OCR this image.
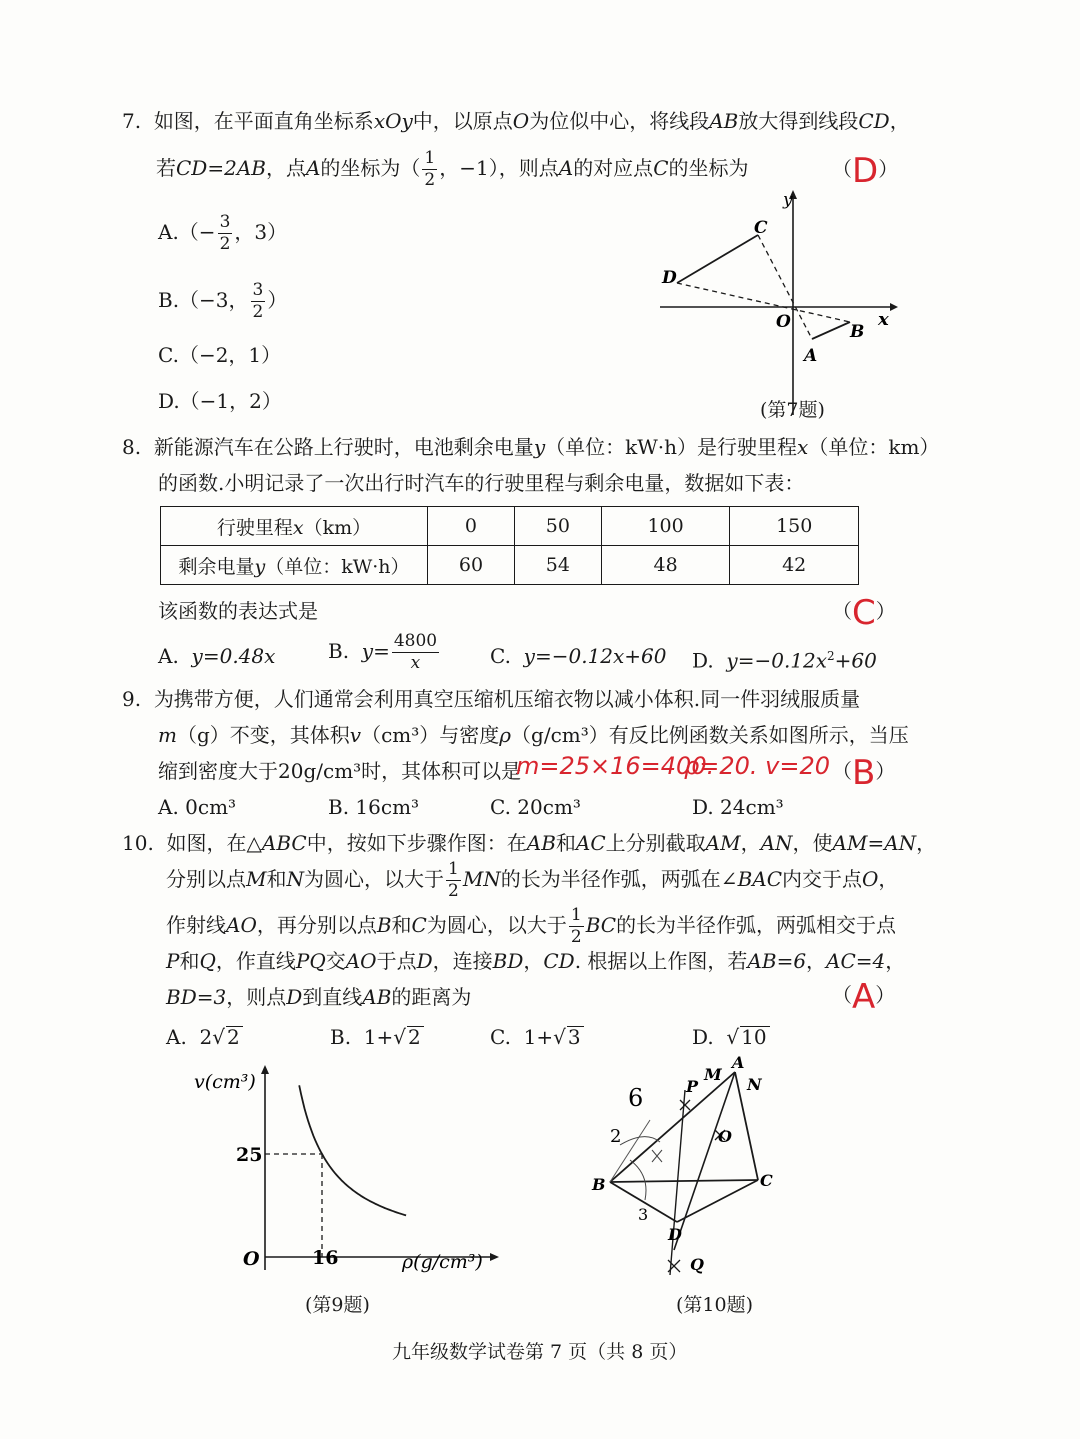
7. 如图，在平面直角坐标系xOy中，以原点O为位似中心，将线段AB放大得到线段CD，
若CD=2AB，点A的坐标为（ $\frac{1}{2}$ ，−1），则点A的对应点C的坐标为	（D）
$A.(- \frac{3}{2}$ ，3）
B.（−3， $\frac{3}{2}$ ）
C.（−2，1）
D.（−1，2）
y
x
O
A
B
C
D
(第7题)
8. 新能源汽车在公路上行驶时，电池剩余电量y（单位：kW·h）是行驶里程x（单位：km）
的函数.小明记录了一次出行时汽车的行驶里程与剩余电量，数据如下表：
行驶里程x（km）	0	50	100	150
剩余电量y（单位：kW·h）	60	54	48	42
该函数的表达式是	（C）
A. y=0.48x	B. $y= \frac{4800}{x}$	C. y=−0.12x+60 D. $y=-0.12x^2+60$
9. 为携带方便，人们通常会利用真空压缩机压缩衣物以减小体积.同一件羽绒服质量
m（g）不变，其体积v（cm³）与密度ρ（g/cm³）有反比例函数关系如图所示，当压
缩到密度大于20g/cm³时，其体积可以是
m=25×16=400.
ρ=20. v=20 （B）
A. 0cm³	B. 16cm³	C. 20cm³	D. 24cm³
10. 如图，在△ABC中，按如下步骤作图：在AB和AC上分别截取AM，AN，使AM=AN，
分别以点M和N为圆心，以大于 $\frac{1}{2}$ MN的长为半径作弧，两弧在∠BAC内交于点O，
作射线AO，再分别以点B和C为圆心，以大于 $\frac{1}{2}$ BC的长为半径作弧，两弧相交于点
P和Q，作直线PQ交AO于点D，连接BD，CD. 根据以上作图，若AB=6，AC=4，
BD=3，则点D到直线AB的距离为	（A）
A. 2√ 2	B. 1+√ 2	C. 1+√ 3	D.  √ 10
v(cm³)
ρ(g/cm³)
O
25
16
(第9题)
A
B	C
D
M
N
O
P
Q
6
2
3
(第10题)
九年级数学试卷第 7 页（共 8 页）
